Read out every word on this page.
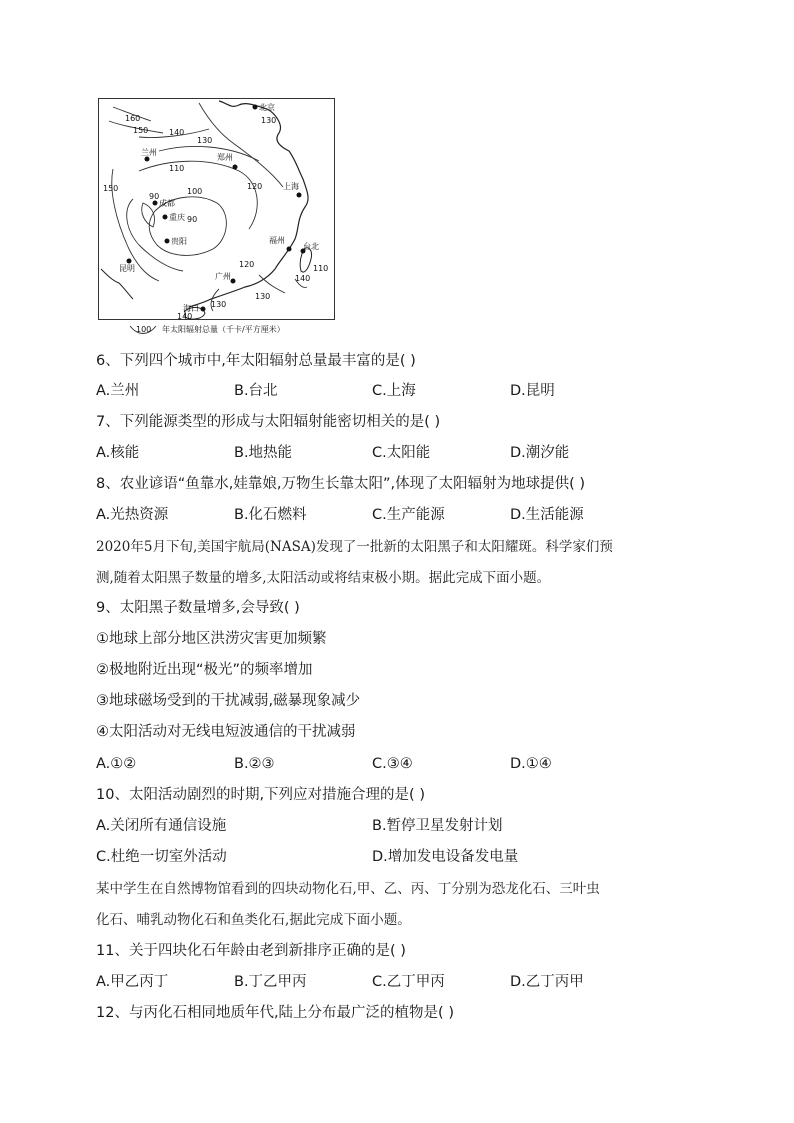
北京
兰州
郑州
上海
成都
重庆
贵阳
昆明
福州
台北
广州
海口
160
150	140
130
130
110
100
120
150
90
90
120	110
140
130
140
130
100 年太阳辐射总量（千卡/平方厘米）
6、下列四个城市中,年太阳辐射总量最丰富的是( )
A.兰州	B.台北	C.上海	D.昆明
7、下列能源类型的形成与太阳辐射能密切相关的是( )
A.核能	B.地热能	C.太阳能	D.潮汐能
8、农业谚语“鱼靠水,娃靠娘,万物生长靠太阳”,体现了太阳辐射为地球提供( )
A.光热资源	B.化石燃料	C.生产能源	D.生活能源
2020年5月下旬,美国宇航局(NASA)发现了一批新的太阳黑子和太阳耀斑。科学家们预
测,随着太阳黑子数量的增多,太阳活动或将结束极小期。据此完成下面小题。
9、太阳黑子数量增多,会导致( )
①地球上部分地区洪涝灾害更加频繁
②极地附近出现“极光”的频率增加
③地球磁场受到的干扰减弱,磁暴现象减少
④太阳活动对无线电短波通信的干扰减弱
A.①②	B.②③	C.③④	D.①④
10、太阳活动剧烈的时期,下列应对措施合理的是( )
A.关闭所有通信设施	B.暂停卫星发射计划
C.杜绝一切室外活动	D.增加发电设备发电量
某中学生在自然博物馆看到的四块动物化石,甲、乙、丙、丁分别为恐龙化石、三叶虫
化石、哺乳动物化石和鱼类化石,据此完成下面小题。
11、关于四块化石年龄由老到新排序正确的是( )
A.甲乙丙丁	B.丁乙甲丙	C.乙丁甲丙	D.乙丁丙甲
12、与丙化石相同地质年代,陆上分布最广泛的植物是( )
